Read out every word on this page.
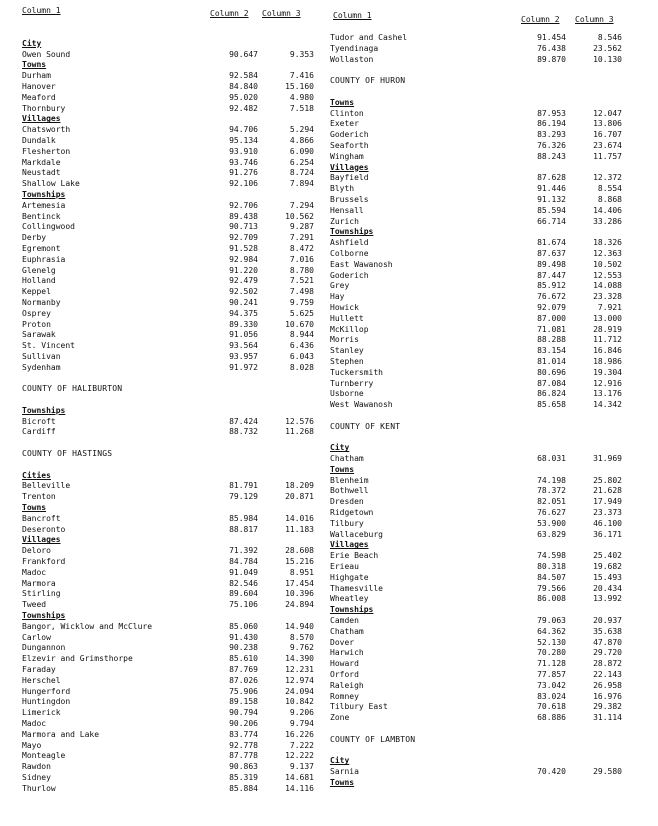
Column 1	Column 2 Column 3
City
Owen Sound	90.647	9.353
Towns
Durham	92.584	7.416
Hanover	84.840	15.160
Meaford	95.020	4.980
Thornbury	92.482	7.518
Villages
Chatsworth	94.706	5.294
Dundalk	95.134	4.866
Flesherton	93.910	6.090
Markdale	93.746	6.254
Neustadt	91.276	8.724
Shallow Lake	92.106	7.894
Townships
Artemesia	92.706	7.294
Bentinck	89.438	10.562
Collingwood	90.713	9.287
Derby	92.709	7.291
Egremont	91.528	8.472
Euphrasia	92.984	7.016
Glenelg	91.220	8.780
Holland	92.479	7.521
Keppel	92.502	7.498
Normanby	90.241	9.759
Osprey	94.375	5.625
Proton	89.330	10.670
Sarawak	91.056	8.944
St. Vincent	93.564	6.436
Sullivan	93.957	6.043
Sydenham	91.972	8.028
COUNTY OF HALIBURTON
Townships
Bicroft	87.424	12.576
Cardiff	88.732	11.268
COUNTY OF HASTINGS
Cities
Belleville	81.791	18.209
Trenton	79.129	20.871
Towns
Bancroft	85.984	14.016
Deseronto	88.817	11.183
Villages
Deloro	71.392	28.608
Frankford	84.784	15.216
Madoc	91.049	8.951
Marmora	82.546	17.454
Stirling	89.604	10.396
Tweed	75.106	24.894
Townships
Bangor, Wicklow and McClure	85.060	14.940
Carlow	91.430	8.570
Dungannon	90.238	9.762
Elzevir and Grimsthorpe	85.610	14.390
Faraday	87.769	12.231
Herschel	87.026	12.974
Hungerford	75.906	24.094
Huntingdon	89.158	10.842
Limerick	90.794	9.206
Madoc	90.206	9.794
Marmora and Lake	83.774	16.226
Mayo	92.778	7.222
Monteagle	87.778	12.222
Rawdon	90.863	9.137
Sidney	85.319	14.681
Thurlow	85.884	14.116
Column 1	Column 2 Column 3
Tudor and Cashel	91.454	8.546
Tyendinaga	76.438	23.562
Wollaston	89.870	10.130
COUNTY OF HURON
Towns
Clinton	87.953	12.047
Exeter	86.194	13.806
Goderich	83.293	16.707
Seaforth	76.326	23.674
Wingham	88.243	11.757
Villages
Bayfield	87.628	12.372
Blyth	91.446	8.554
Brussels	91.132	8.868
Hensall	85.594	14.406
Zurich	66.714	33.286
Townships
Ashfield	81.674	18.326
Colborne	87.637	12.363
East Wawanosh	89.498	10.502
Goderich	87.447	12.553
Grey	85.912	14.088
Hay	76.672	23.328
Howick	92.079	7.921
Hullett	87.000	13.000
McKillop	71.081	28.919
Morris	88.288	11.712
Stanley	83.154	16.846
Stephen	81.014	18.986
Tuckersmith	80.696	19.304
Turnberry	87.084	12.916
Usborne	86.824	13.176
West Wawanosh	85.658	14.342
COUNTY OF KENT
City
Chatham	68.031	31.969
Towns
Blenheim	74.198	25.802
Bothwell	78.372	21.628
Dresden	82.051	17.949
Ridgetown	76.627	23.373
Tilbury	53.900	46.100
Wallaceburg	63.829	36.171
Villages
Erie Beach	74.598	25.402
Erieau	80.318	19.682
Highgate	84.507	15.493
Thamesville	79.566	20.434
Wheatley	86.008	13.992
Townships
Camden	79.063	20.937
Chatham	64.362	35.638
Dover	52.130	47.870
Harwich	70.280	29.720
Howard	71.128	28.872
Orford	77.857	22.143
Raleigh	73.042	26.958
Romney	83.024	16.976
Tilbury East	70.618	29.382
Zone	68.886	31.114
COUNTY OF LAMBTON
City
Sarnia	70.420	29.580
Towns
